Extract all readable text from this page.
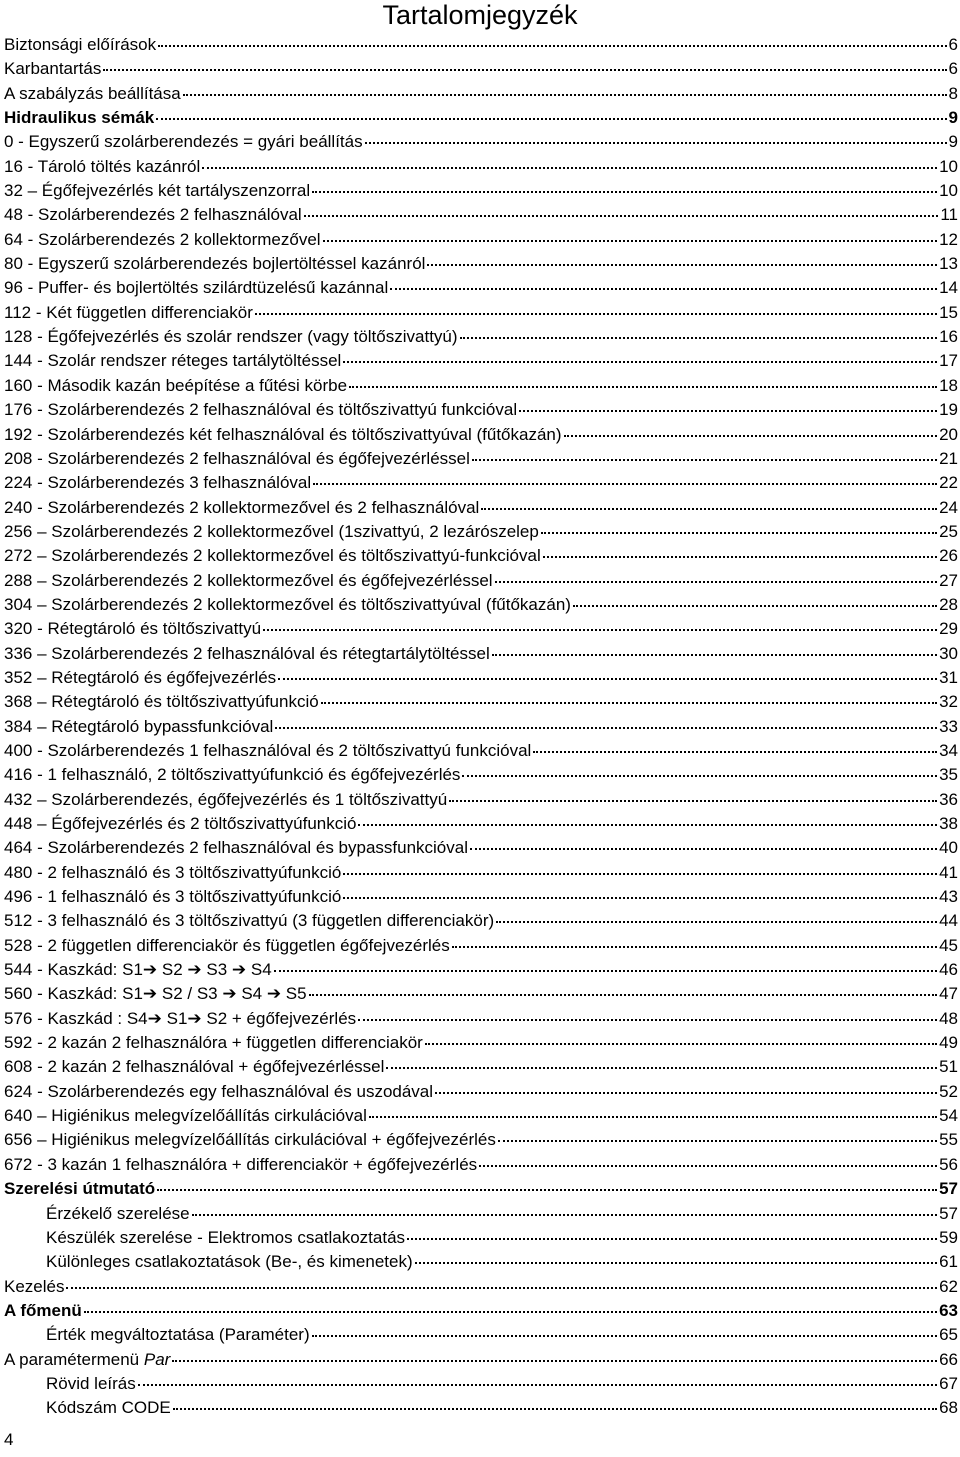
Tartalomjegyzék
Biztonsági előírások	6
Karbantartás	6
A szabályzás beállítása	8
Hidraulikus sémák	9
0 - Egyszerű szolárberendezés = gyári beállítás	9
16 - Tároló töltés kazánról	10
32 – Égőfejvezérlés két tartályszenzorral	10
48 - Szolárberendezés 2 felhasználóval	11
64 - Szolárberendezés 2 kollektormezővel	12
80 - Egyszerű szolárberendezés bojlertöltéssel kazánról	13
96 - Puffer- és bojlertöltés szilárdtüzelésű kazánnal	14
112 - Két független differenciakör	15
128 - Égőfejvezérlés és szolár rendszer (vagy töltőszivattyú)	16
144 - Szolár rendszer réteges tartálytöltéssel	17
160 - Második kazán beépítése a fűtési körbe	18
176 - Szolárberendezés 2 felhasználóval és töltőszivattyú funkcióval	19
192 - Szolárberendezés két felhasználóval és töltőszivattyúval (fűtőkazán)	20
208 - Szolárberendezés 2 felhasználóval és égőfejvezérléssel	21
224 - Szolárberendezés 3 felhasználóval	22
240 - Szolárberendezés 2 kollektormezővel és 2 felhasználóval	24
256 – Szolárberendezés 2 kollektormezővel (1szivattyú, 2 lezárószelep	25
272 – Szolárberendezés 2 kollektormezővel és töltőszivattyú-funkcióval	26
288 – Szolárberendezés 2 kollektormezővel és égőfejvezérléssel	27
304 – Szolárberendezés 2 kollektormezővel és töltőszivattyúval (fűtőkazán)	28
320 - Rétegtároló és töltőszivattyú	29
336 – Szolárberendezés 2 felhasználóval és rétegtartálytöltéssel	30
352 – Rétegtároló és égőfejvezérlés	31
368 – Rétegtároló és töltőszivattyúfunkció	32
384 – Rétegtároló bypassfunkcióval	33
400 - Szolárberendezés 1 felhasználóval és 2 töltőszivattyú funkcióval	34
416 - 1 felhasználó, 2 töltőszivattyúfunkció és égőfejvezérlés	35
432 – Szolárberendezés, égőfejvezérlés és 1 töltőszivattyú	36
448 – Égőfejvezérlés és 2 töltőszivattyúfunkció	38
464 - Szolárberendezés 2 felhasználóval és bypassfunkcióval	40
480 - 2 felhasználó és 3 töltőszivattyúfunkció	41
496 - 1 felhasználó és 3 töltőszivattyúfunkció	43
512 - 3 felhasználó és 3 töltőszivattyú (3 független differenciakör)	44
528 - 2 független differenciakör és független égőfejvezérlés	45
544 - Kaszkád: S1➔ S2 ➔ S3 ➔ S4	46
560 - Kaszkád: S1➔ S2 / S3 ➔ S4 ➔ S5	47
576 - Kaszkád : S4➔ S1➔ S2 + égőfejvezérlés	48
592 - 2 kazán 2 felhasználóra + független differenciakör	49
608 - 2 kazán 2 felhasználóval + égőfejvezérléssel	51
624 - Szolárberendezés egy felhasználóval és uszodával	52
640 – Higiénikus melegvízelőállítás cirkulációval	54
656 – Higiénikus melegvízelőállítás cirkulációval + égőfejvezérlés	55
672 - 3 kazán 1 felhasználóra + differenciakör + égőfejvezérlés	56
Szerelési útmutató	57
Érzékelő szerelése	57
Készülék szerelése - Elektromos csatlakoztatás	59
Különleges csatlakoztatások (Be-, és kimenetek)	61
Kezelés	62
A főmenü	63
Érték megváltoztatása (Paraméter)	65
A paramétermenü Par	66
Rövid leírás	67
Kódszám CODE	68
4
